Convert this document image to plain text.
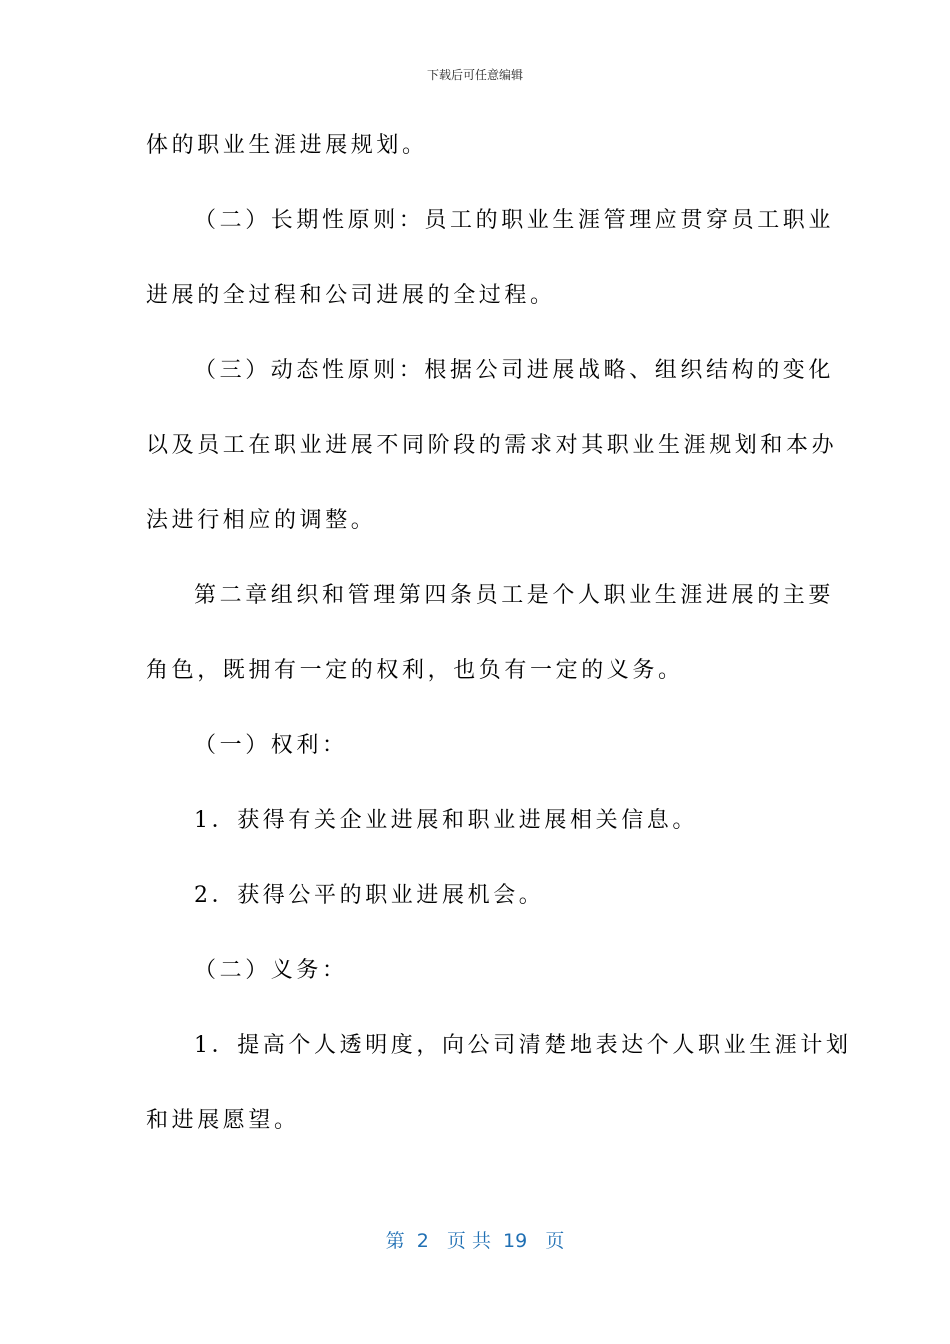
下载后可任意编辑
体的职业生涯进展规划。
（二）长期性原则：员工的职业生涯管理应贯穿员工职业
进展的全过程和公司进展的全过程。
（三）动态性原则：根据公司进展战略、组织结构的变化
以及员工在职业进展不同阶段的需求对其职业生涯规划和本办
法进行相应的调整。
第二章组织和管理第四条员工是个人职业生涯进展的主要
角色，既拥有一定的权利，也负有一定的义务。
（一）权利：
1．获得有关企业进展和职业进展相关信息。
2．获得公平的职业进展机会。
（二）义务：
1．提高个人透明度，向公司清楚地表达个人职业生涯计划
和进展愿望。
第  2   页 共  19   页
